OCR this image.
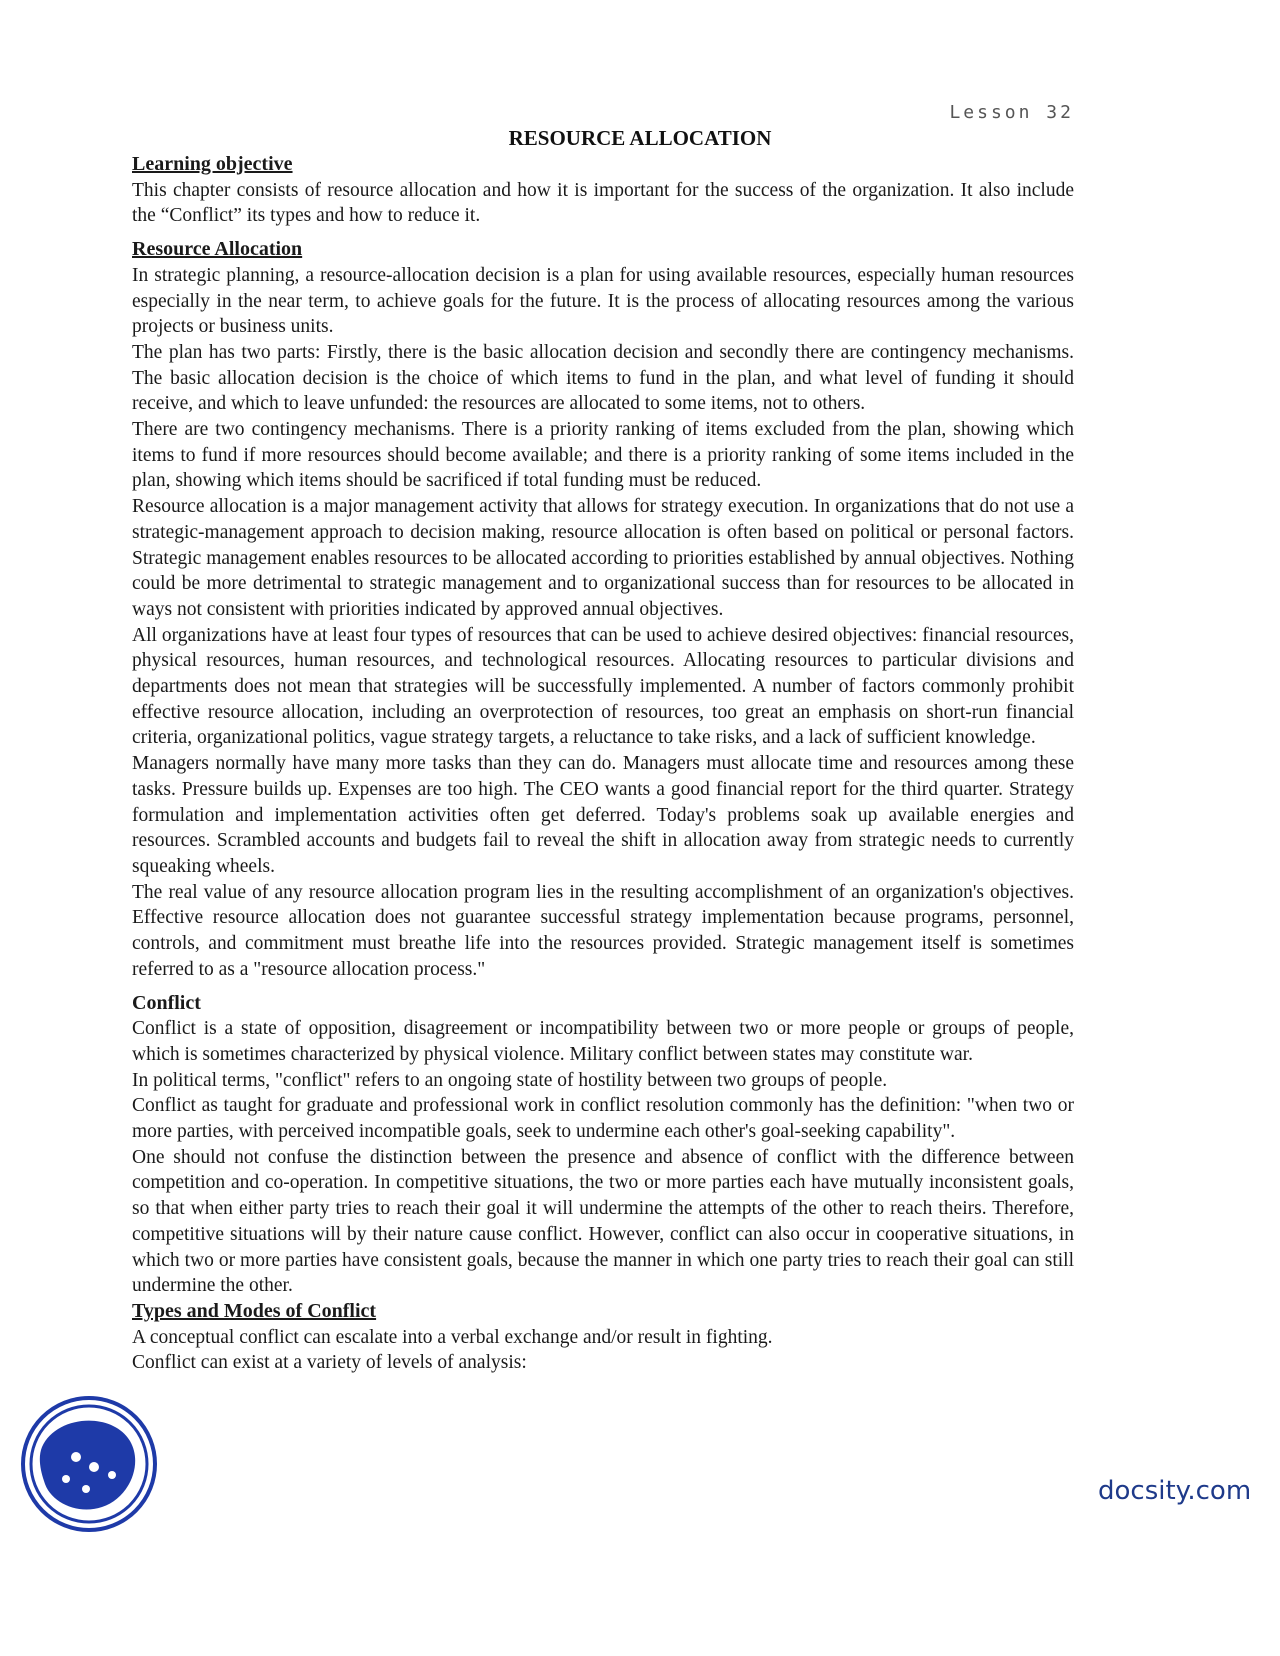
Lesson 32
RESOURCE ALLOCATION
Learning objective

This chapter consists of resource allocation and how it is important for the success of the organization. It also include the “Conflict” its types and how to reduce it.

Resource Allocation

In strategic planning, a resource-allocation decision is a plan for using available resources, especially human resources especially in the near term, to achieve goals for the future. It is the process of allocating resources among the various projects or business units.

The plan has two parts: Firstly, there is the basic allocation decision and secondly there are contingency mechanisms. The basic allocation decision is the choice of which items to fund in the plan, and what level of funding it should receive, and which to leave unfunded: the resources are allocated to some items, not to others.

There are two contingency mechanisms. There is a priority ranking of items excluded from the plan, showing which items to fund if more resources should become available; and there is a priority ranking of some items included in the plan, showing which items should be sacrificed if total funding must be reduced.

Resource allocation is a major management activity that allows for strategy execution. In organizations that do not use a strategic-management approach to decision making, resource allocation is often based on political or personal factors. Strategic management enables resources to be allocated according to priorities established by annual objectives. Nothing could be more detrimental to strategic management and to organizational success than for resources to be allocated in ways not consistent with priorities indicated by approved annual objectives.

All organizations have at least four types of resources that can be used to achieve desired objectives: financial resources, physical resources, human resources, and technological resources. Allocating resources to particular divisions and departments does not mean that strategies will be successfully implemented. A number of factors commonly prohibit effective resource allocation, including an overprotection of resources, too great an emphasis on short-run financial criteria, organizational politics, vague strategy targets, a reluctance to take risks, and a lack of sufficient knowledge.

Managers normally have many more tasks than they can do. Managers must allocate time and resources among these tasks. Pressure builds up. Expenses are too high. The CEO wants a good financial report for the third quarter. Strategy formulation and implementation activities often get deferred. Today's problems soak up available energies and resources. Scrambled accounts and budgets fail to reveal the shift in allocation away from strategic needs to currently squeaking wheels.

The real value of any resource allocation program lies in the resulting accomplishment of an organization's objectives. Effective resource allocation does not guarantee successful strategy implementation because programs, personnel, controls, and commitment must breathe life into the resources provided. Strategic management itself is sometimes referred to as a "resource allocation process."

Conflict

Conflict is a state of opposition, disagreement or incompatibility between two or more people or groups of people, which is sometimes characterized by physical violence. Military conflict between states may constitute war.

In political terms, "conflict" refers to an ongoing state of hostility between two groups of people.

Conflict as taught for graduate and professional work in conflict resolution commonly has the definition: "when two or more parties, with perceived incompatible goals, seek to undermine each other's goal-seeking capability".

One should not confuse the distinction between the presence and absence of conflict with the difference between competition and co-operation. In competitive situations, the two or more parties each have mutually inconsistent goals, so that when either party tries to reach their goal it will undermine the attempts of the other to reach theirs. Therefore, competitive situations will by their nature cause conflict. However, conflict can also occur in cooperative situations, in which two or more parties have consistent goals, because the manner in which one party tries to reach their goal can still undermine the other.

Types and Modes of Conflict

A conceptual conflict can escalate into a verbal exchange and/or result in fighting.

Conflict can exist at a variety of levels of analysis:

docsity.com
